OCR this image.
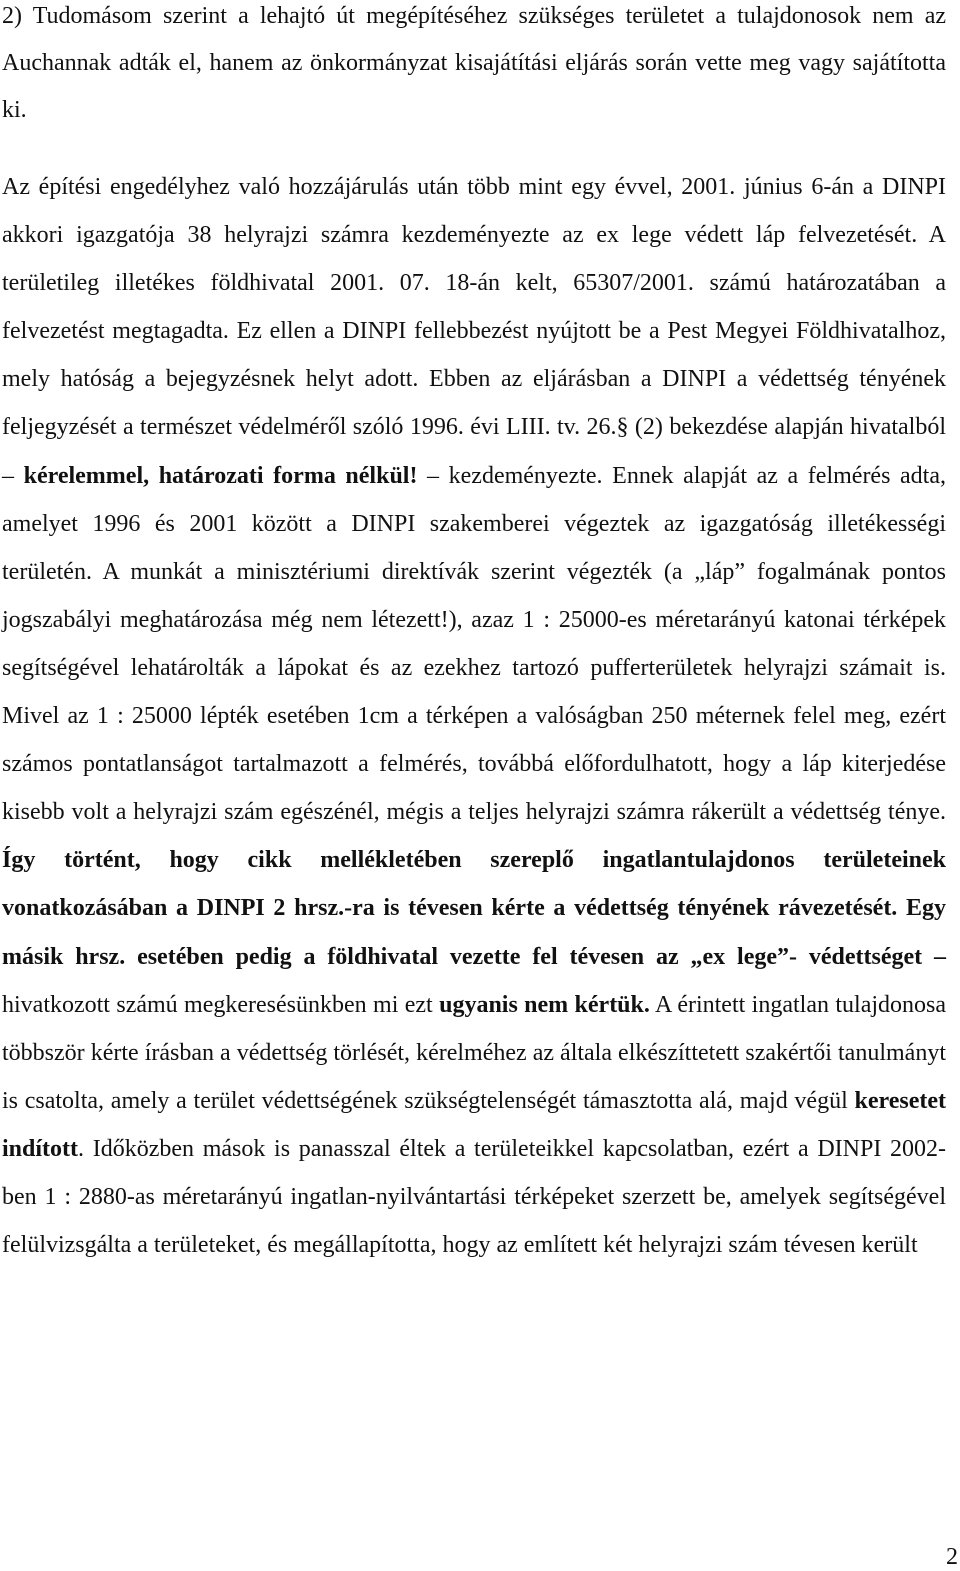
2) Tudomásom szerint a lehajtó út megépítéséhez szükséges területet a tulajdonosok nem az Auchannak adták el, hanem az önkormányzat kisajátítási eljárás során vette meg vagy sajátította ki.

Az építési engedélyhez való hozzájárulás után több mint egy évvel, 2001. június 6-án a DINPI akkori igazgatója 38 helyrajzi számra kezdeményezte az ex lege védett láp felvezetését. A területileg illetékes földhivatal 2001. 07. 18-án kelt, 65307/2001. számú határozatában a felvezetést megtagadta. Ez ellen a DINPI fellebbezést nyújtott be a Pest Megyei Földhivatalhoz, mely hatóság a bejegyzésnek helyt adott. Ebben az eljárásban a DINPI a védettség tényének feljegyzését a természet védelméről szóló 1996. évi LIII. tv. 26.§ (2) bekezdése alapján hivatalból – kérelemmel, határozati forma nélkül! – kezdeményezte. Ennek alapját az a felmérés adta, amelyet 1996 és 2001 között a DINPI szakemberei végeztek az igazgatóság illetékességi területén. A munkát a minisztériumi direktívák szerint végezték (a „láp” fogalmának pontos jogszabályi meghatározása még nem létezett!), azaz 1 : 25000-es méretarányú katonai térképek segítségével lehatárolták a lápokat és az ezekhez tartozó pufferterületek helyrajzi számait is. Mivel az 1 : 25000 lépték esetében 1cm a térképen a valóságban 250 méternek felel meg, ezért számos pontatlanságot tartalmazott a felmérés, továbbá előfordulhatott, hogy a láp kiterjedése kisebb volt a helyrajzi szám egészénél, mégis a teljes helyrajzi számra rákerült a védettség ténye. Így történt, hogy cikk mellékletében szereplő ingatlantulajdonos területeinek vonatkozásában a DINPI 2 hrsz.-ra is tévesen kérte a védettség tényének rávezetését. Egy másik hrsz. esetében pedig a földhivatal vezette fel tévesen az „ex lege”- védettséget – hivatkozott számú megkeresésünkben mi ezt ugyanis nem kértük. A érintett ingatlan tulajdonosa többször kérte írásban a védettség törlését, kérelméhez az általa elkészíttetett szakértői tanulmányt is csatolta, amely a terület védettségének szükségtelenségét támasztotta alá, majd végül keresetet indított. Időközben mások is panasszal éltek a területeikkel kapcsolatban, ezért a DINPI 2002-ben 1 : 2880-as méretarányú ingatlan-nyilvántartási térképeket szerzett be, amelyek segítségével felülvizsgálta a területeket, és megállapította, hogy az említett két helyrajzi szám tévesen került

2
